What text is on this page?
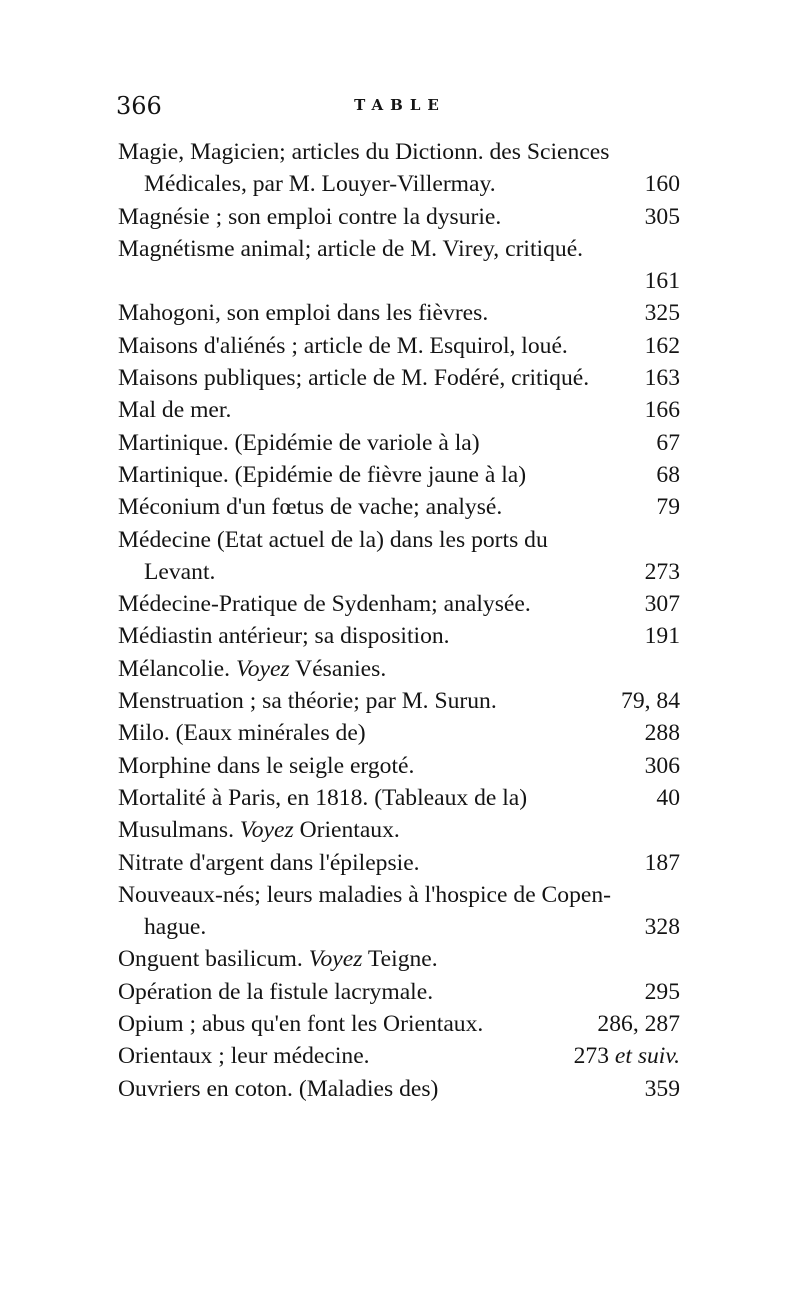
366	TABLE
Magie, Magicien; articles du Dictionn. des Sciences
Médicales, par M. Louyer-Villermay.	160
Magnésie ; son emploi contre la dysurie.	305
Magnétisme animal; article de M. Virey, critiqué.
161
Mahogoni, son emploi dans les fièvres.	325
Maisons d'aliénés ; article de M. Esquirol, loué.	162
Maisons publiques; article de M. Fodéré, critiqué. 163
Mal de mer.	166
Martinique. (Epidémie de variole à la)	67
Martinique. (Epidémie de fièvre jaune à la)	68
Méconium d'un fœtus de vache; analysé.	79
Médecine (Etat actuel de la) dans les ports du
Levant.	273
Médecine-Pratique de Sydenham; analysée.	307
Médiastin antérieur; sa disposition.	191
Mélancolie. Voyez Vésanies.
Menstruation ; sa théorie; par M. Surun.	79, 84
Milo. (Eaux minérales de)	288
Morphine dans le seigle ergoté.	306
Mortalité à Paris, en 1818. (Tableaux de la)	40
Musulmans. Voyez Orientaux.
Nitrate d'argent dans l'épilepsie.	187
Nouveaux-nés; leurs maladies à l'hospice de Copen-
hague.	328
Onguent basilicum. Voyez Teigne.
Opération de la fistule lacrymale.	295
Opium ; abus qu'en font les Orientaux.	286, 287
Orientaux ; leur médecine.	273 et suiv.
Ouvriers en coton. (Maladies des)	359
